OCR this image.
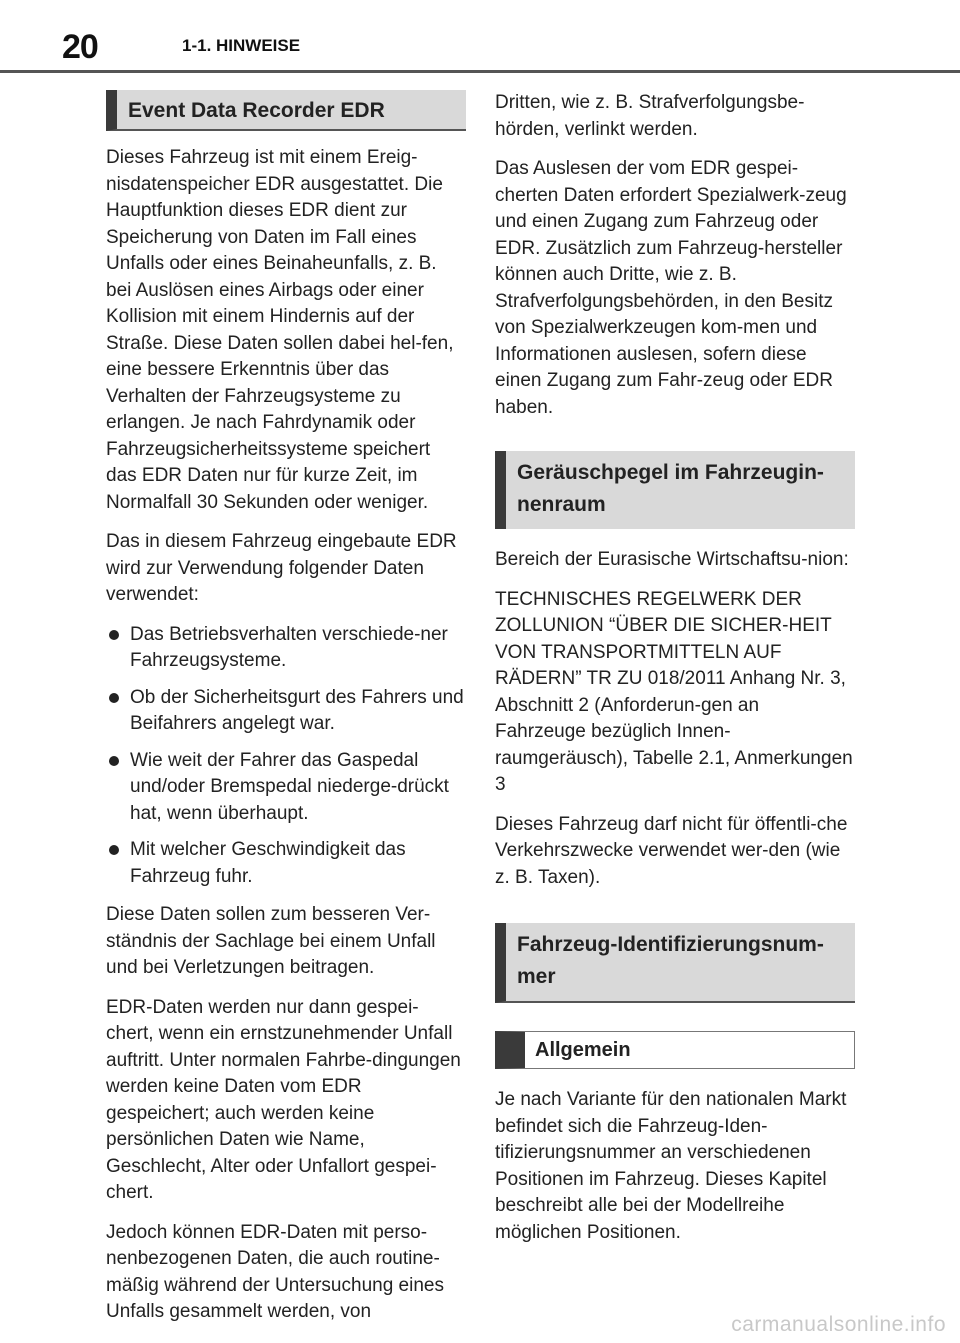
20	1-1. HINWEISE
Event Data Recorder EDR

Dieses Fahrzeug ist mit einem Ereig-nisdatenspeicher EDR ausgestattet. Die Hauptfunktion dieses EDR dient zur Speicherung von Daten im Fall eines Unfalls oder eines Beinaheunfalls, z. B. bei Auslösen eines Airbags oder einer Kollision mit einem Hindernis auf der Straße. Diese Daten sollen dabei hel-fen, eine bessere Erkenntnis über das Verhalten der Fahrzeugsysteme zu erlangen. Je nach Fahrdynamik oder Fahrzeugsicherheitssysteme speichert das EDR Daten nur für kurze Zeit, im Normalfall 30 Sekunden oder weniger.

Das in diesem Fahrzeug eingebaute EDR wird zur Verwendung folgender Daten verwendet:

Das Betriebsverhalten verschiede-ner Fahrzeugsysteme.
Ob der Sicherheitsgurt des Fahrers und Beifahrers angelegt war.
Wie weit der Fahrer das Gaspedal und/oder Bremspedal niederge-drückt hat, wenn überhaupt.
Mit welcher Geschwindigkeit das Fahrzeug fuhr.

Diese Daten sollen zum besseren Ver-ständnis der Sachlage bei einem Unfall und bei Verletzungen beitragen.

EDR-Daten werden nur dann gespei-chert, wenn ein ernstzunehmender Unfall auftritt. Unter normalen Fahrbe-dingungen werden keine Daten vom EDR gespeichert; auch werden keine persönlichen Daten wie Name, Geschlecht, Alter oder Unfallort gespei-chert.

Jedoch können EDR-Daten mit perso-nenbezogenen Daten, die auch routine-mäßig während der Untersuchung eines Unfalls gesammelt werden, von

Dritten, wie z. B. Strafverfolgungsbe-hörden, verlinkt werden.

Das Auslesen der vom EDR gespei-cherten Daten erfordert Spezialwerk-zeug und einen Zugang zum Fahrzeug oder EDR. Zusätzlich zum Fahrzeug-hersteller können auch Dritte, wie z. B. Strafverfolgungsbehörden, in den Besitz von Spezialwerkzeugen kom-men und Informationen auslesen, sofern diese einen Zugang zum Fahr-zeug oder EDR haben.

Geräuschpegel im Fahrzeugin-nenraum

Bereich der Eurasische Wirtschaftsu-nion:

TECHNISCHES REGELWERK DER ZOLLUNION “ÜBER DIE SICHER-HEIT VON TRANSPORTMITTELN AUF RÄDERN” TR ZU 018/2011 Anhang Nr. 3, Abschnitt 2 (Anforderun-gen an Fahrzeuge bezüglich Innen-raumgeräusch), Tabelle 2.1, Anmerkungen 3

Dieses Fahrzeug darf nicht für öffentli-che Verkehrszwecke verwendet wer-den (wie z. B. Taxen).

Fahrzeug-Identifizierungsnum-mer
Allgemein

Je nach Variante für den nationalen Markt befindet sich die Fahrzeug-Iden-tifizierungsnummer an verschiedenen Positionen im Fahrzeug. Dieses Kapitel beschreibt alle bei der Modellreihe möglichen Positionen.

carmanualsonline.info
